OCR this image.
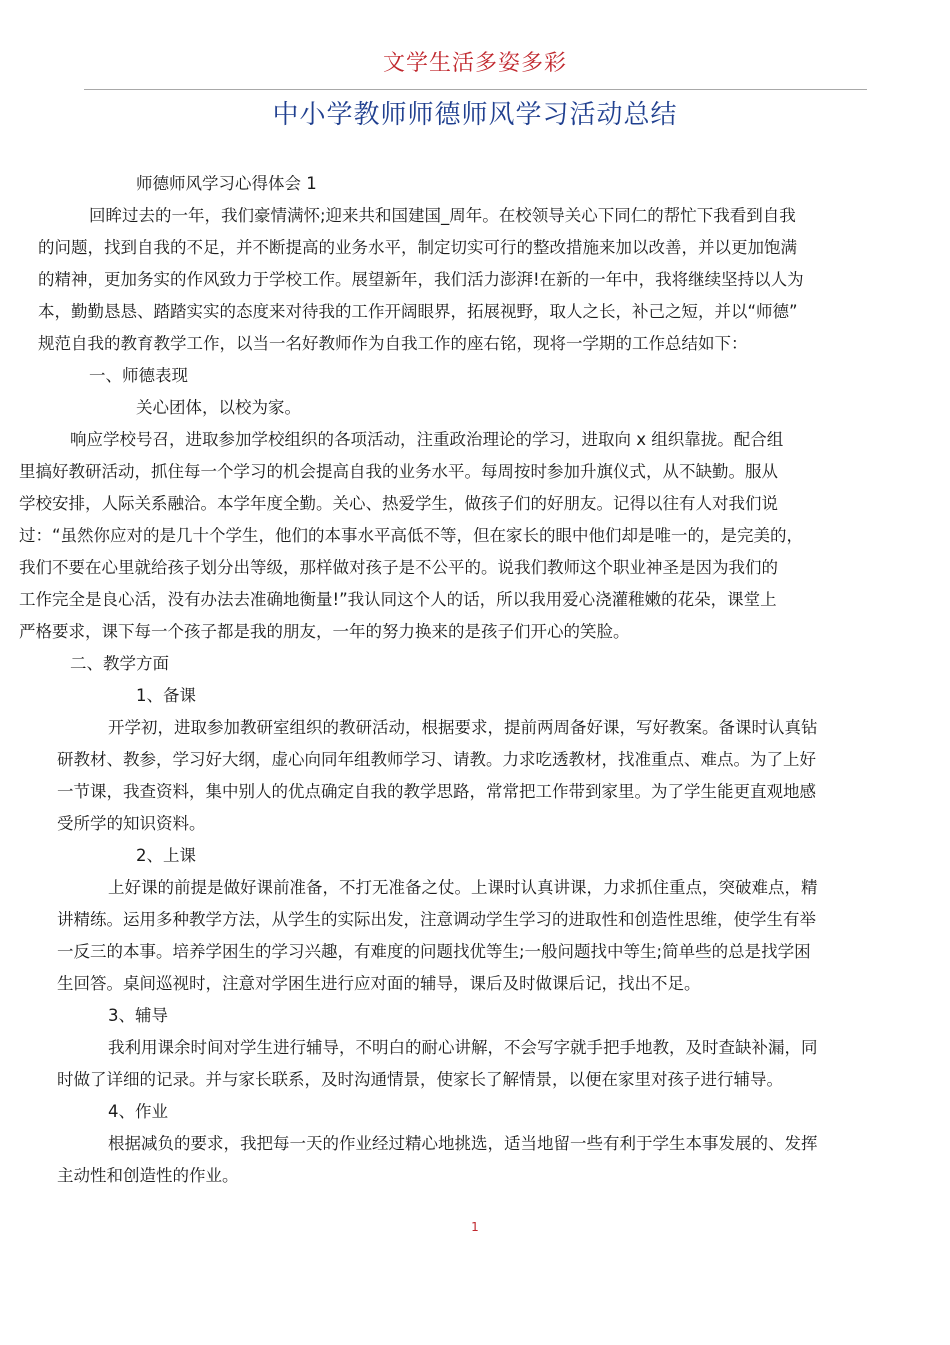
文学生活多姿多彩
中小学教师师德师风学习活动总结
师德师风学习心得体会 1
回眸过去的一年，我们豪情满怀;迎来共和国建国_周年。在校领导关心下同仁的帮忙下我看到自我
的问题，找到自我的不足，并不断提高的业务水平，制定切实可行的整改措施来加以改善，并以更加饱满
的精神，更加务实的作风致力于学校工作。展望新年，我们活力澎湃!在新的一年中，我将继续坚持以人为
本，勤勤恳恳、踏踏实实的态度来对待我的工作开阔眼界，拓展视野，取人之长，补己之短，并以“师德”
规范自我的教育教学工作，以当一名好教师作为自我工作的座右铭，现将一学期的工作总结如下：
一、师德表现
关心团体，以校为家。
响应学校号召，进取参加学校组织的各项活动，注重政治理论的学习，进取向 x 组织靠拢。配合组
里搞好教研活动，抓住每一个学习的机会提高自我的业务水平。每周按时参加升旗仪式，从不缺勤。服从
学校安排，人际关系融洽。本学年度全勤。关心、热爱学生，做孩子们的好朋友。记得以往有人对我们说
过：“虽然你应对的是几十个学生，他们的本事水平高低不等，但在家长的眼中他们却是唯一的，是完美的，
我们不要在心里就给孩子划分出等级，那样做对孩子是不公平的。说我们教师这个职业神圣是因为我们的
工作完全是良心活，没有办法去准确地衡量!”我认同这个人的话，所以我用爱心浇灌稚嫩的花朵，课堂上
严格要求，课下每一个孩子都是我的朋友，一年的努力换来的是孩子们开心的笑脸。
二、教学方面
1、备课
开学初，进取参加教研室组织的教研活动，根据要求，提前两周备好课，写好教案。备课时认真钻
研教材、教参，学习好大纲，虚心向同年组教师学习、请教。力求吃透教材，找准重点、难点。为了上好
一节课，我查资料，集中别人的优点确定自我的教学思路，常常把工作带到家里。为了学生能更直观地感
受所学的知识资料。
2、上课
上好课的前提是做好课前准备，不打无准备之仗。上课时认真讲课，力求抓住重点，突破难点，精
讲精练。运用多种教学方法，从学生的实际出发，注意调动学生学习的进取性和创造性思维，使学生有举
一反三的本事。培养学困生的学习兴趣，有难度的问题找优等生;一般问题找中等生;简单些的总是找学困
生回答。桌间巡视时，注意对学困生进行应对面的辅导，课后及时做课后记，找出不足。
3、辅导
我利用课余时间对学生进行辅导，不明白的耐心讲解，不会写字就手把手地教，及时查缺补漏，同
时做了详细的记录。并与家长联系，及时沟通情景，使家长了解情景，以便在家里对孩子进行辅导。
4、作业
根据减负的要求，我把每一天的作业经过精心地挑选，适当地留一些有利于学生本事发展的、发挥
主动性和创造性的作业。
1
